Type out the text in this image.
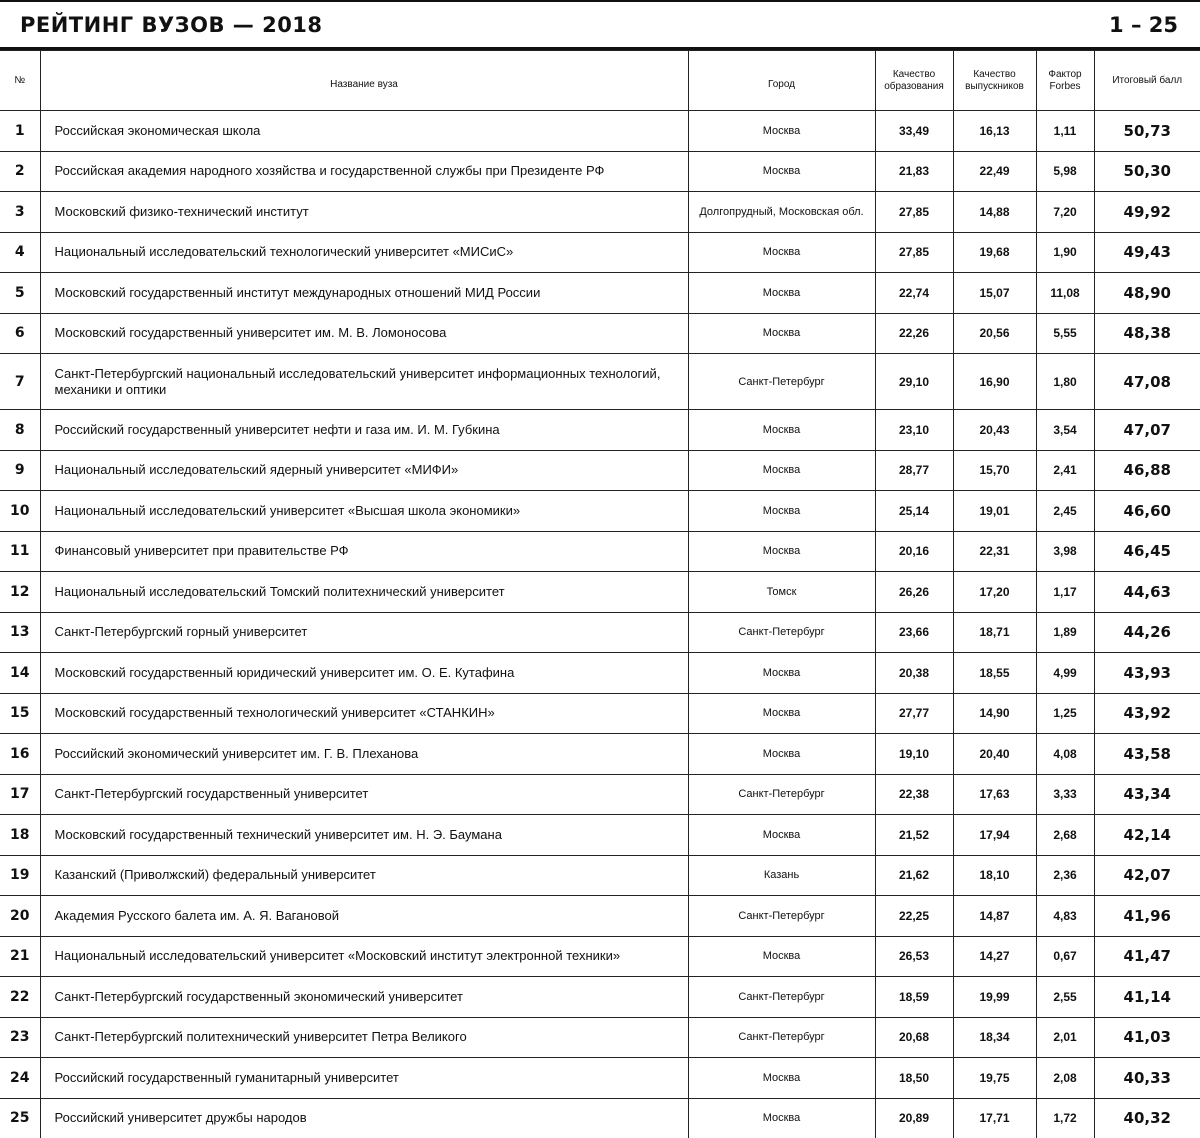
РЕЙТИНГ ВУЗОВ — 2018	1 – 25
№	Название вуза	Город	Качество образования	Качество выпускников	Фактор Forbes	Итоговый балл
1	Российская экономическая школа	Москва	33,49	16,13	1,11	50,73
2	Российская академия народного хозяйства и государственной службы при Президенте РФ	Москва	21,83	22,49	5,98	50,30
3	Московский физико-технический институт	Долгопрудный, Московская обл.	27,85	14,88	7,20	49,92
4	Национальный исследовательский технологический университет «МИСиС»	Москва	27,85	19,68	1,90	49,43
5	Московский государственный институт международных отношений МИД России	Москва	22,74	15,07	11,08	48,90
6	Московский государственный университет им. М. В. Ломоносова	Москва	22,26	20,56	5,55	48,38
7	Санкт-Петербургский национальный исследовательский университет информационных технологий, механики и оптики	Санкт-Петербург	29,10	16,90	1,80	47,08
8	Российский государственный университет нефти и газа им. И. М. Губкина	Москва	23,10	20,43	3,54	47,07
9	Национальный исследовательский ядерный университет «МИФИ»	Москва	28,77	15,70	2,41	46,88
10	Национальный исследовательский университет «Высшая школа экономики»	Москва	25,14	19,01	2,45	46,60
11	Финансовый университет при правительстве РФ	Москва	20,16	22,31	3,98	46,45
12	Национальный исследовательский Томский политехнический университет	Томск	26,26	17,20	1,17	44,63
13	Санкт-Петербургский горный университет	Санкт-Петербург	23,66	18,71	1,89	44,26
14	Московский государственный юридический университет им. О. Е. Кутафина	Москва	20,38	18,55	4,99	43,93
15	Московский государственный технологический университет «СТАНКИН»	Москва	27,77	14,90	1,25	43,92
16	Российский экономический университет им. Г. В. Плеханова	Москва	19,10	20,40	4,08	43,58
17	Санкт-Петербургский государственный университет	Санкт-Петербург	22,38	17,63	3,33	43,34
18	Московский государственный технический университет им. Н. Э. Баумана	Москва	21,52	17,94	2,68	42,14
19	Казанский (Приволжский) федеральный университет	Казань	21,62	18,10	2,36	42,07
20	Академия Русского балета им. А. Я. Вагановой	Санкт-Петербург	22,25	14,87	4,83	41,96
21	Национальный исследовательский университет «Московский институт электронной техники»	Москва	26,53	14,27	0,67	41,47
22	Санкт-Петербургский государственный экономический университет	Санкт-Петербург	18,59	19,99	2,55	41,14
23	Санкт-Петербургский политехнический университет Петра Великого	Санкт-Петербург	20,68	18,34	2,01	41,03
24	Российский государственный гуманитарный университет	Москва	18,50	19,75	2,08	40,33
25	Российский университет дружбы народов	Москва	20,89	17,71	1,72	40,32
